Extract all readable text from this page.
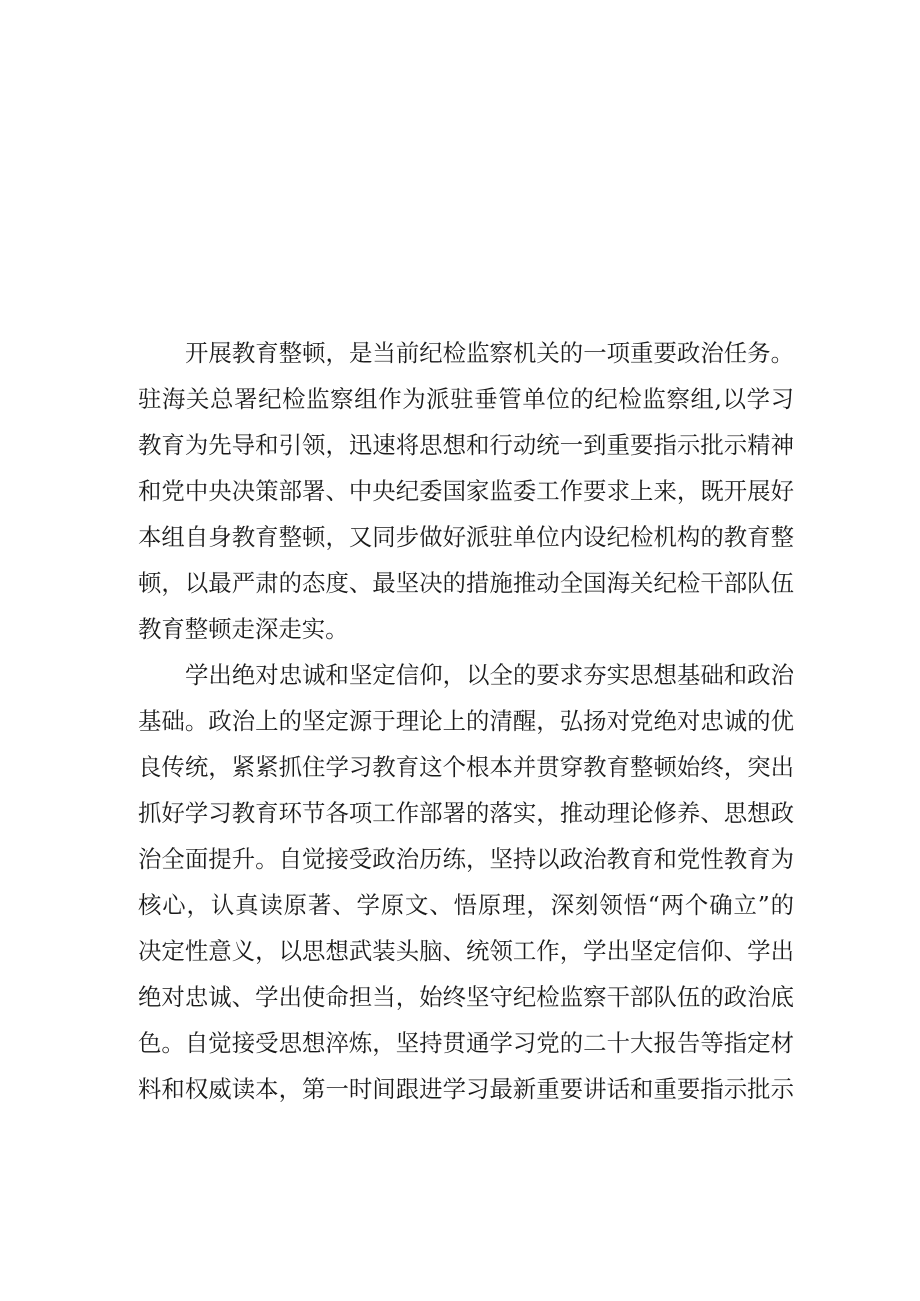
开展教育整顿，是当前纪检监察机关的一项重要政治任务。
驻海关总署纪检监察组作为派驻垂管单位的纪检监察组,以学习
教育为先导和引领，迅速将思想和行动统一到重要指示批示精神
和党中央决策部署、中央纪委国家监委工作要求上来，既开展好
本组自身教育整顿，又同步做好派驻单位内设纪检机构的教育整
顿，以最严肃的态度、最坚决的措施推动全国海关纪检干部队伍
教育整顿走深走实。
学出绝对忠诚和坚定信仰，以全的要求夯实思想基础和政治
基础。政治上的坚定源于理论上的清醒，弘扬对党绝对忠诚的优
良传统，紧紧抓住学习教育这个根本并贯穿教育整顿始终，突出
抓好学习教育环节各项工作部署的落实，推动理论修养、思想政
治全面提升。自觉接受政治历练，坚持以政治教育和党性教育为
核心，认真读原著、学原文、悟原理，深刻领悟“两个确立”的
决定性意义，以思想武装头脑、统领工作，学出坚定信仰、学出
绝对忠诚、学出使命担当，始终坚守纪检监察干部队伍的政治底
色。自觉接受思想淬炼，坚持贯通学习党的二十大报告等指定材
料和权威读本，第一时间跟进学习最新重要讲话和重要指示批示
